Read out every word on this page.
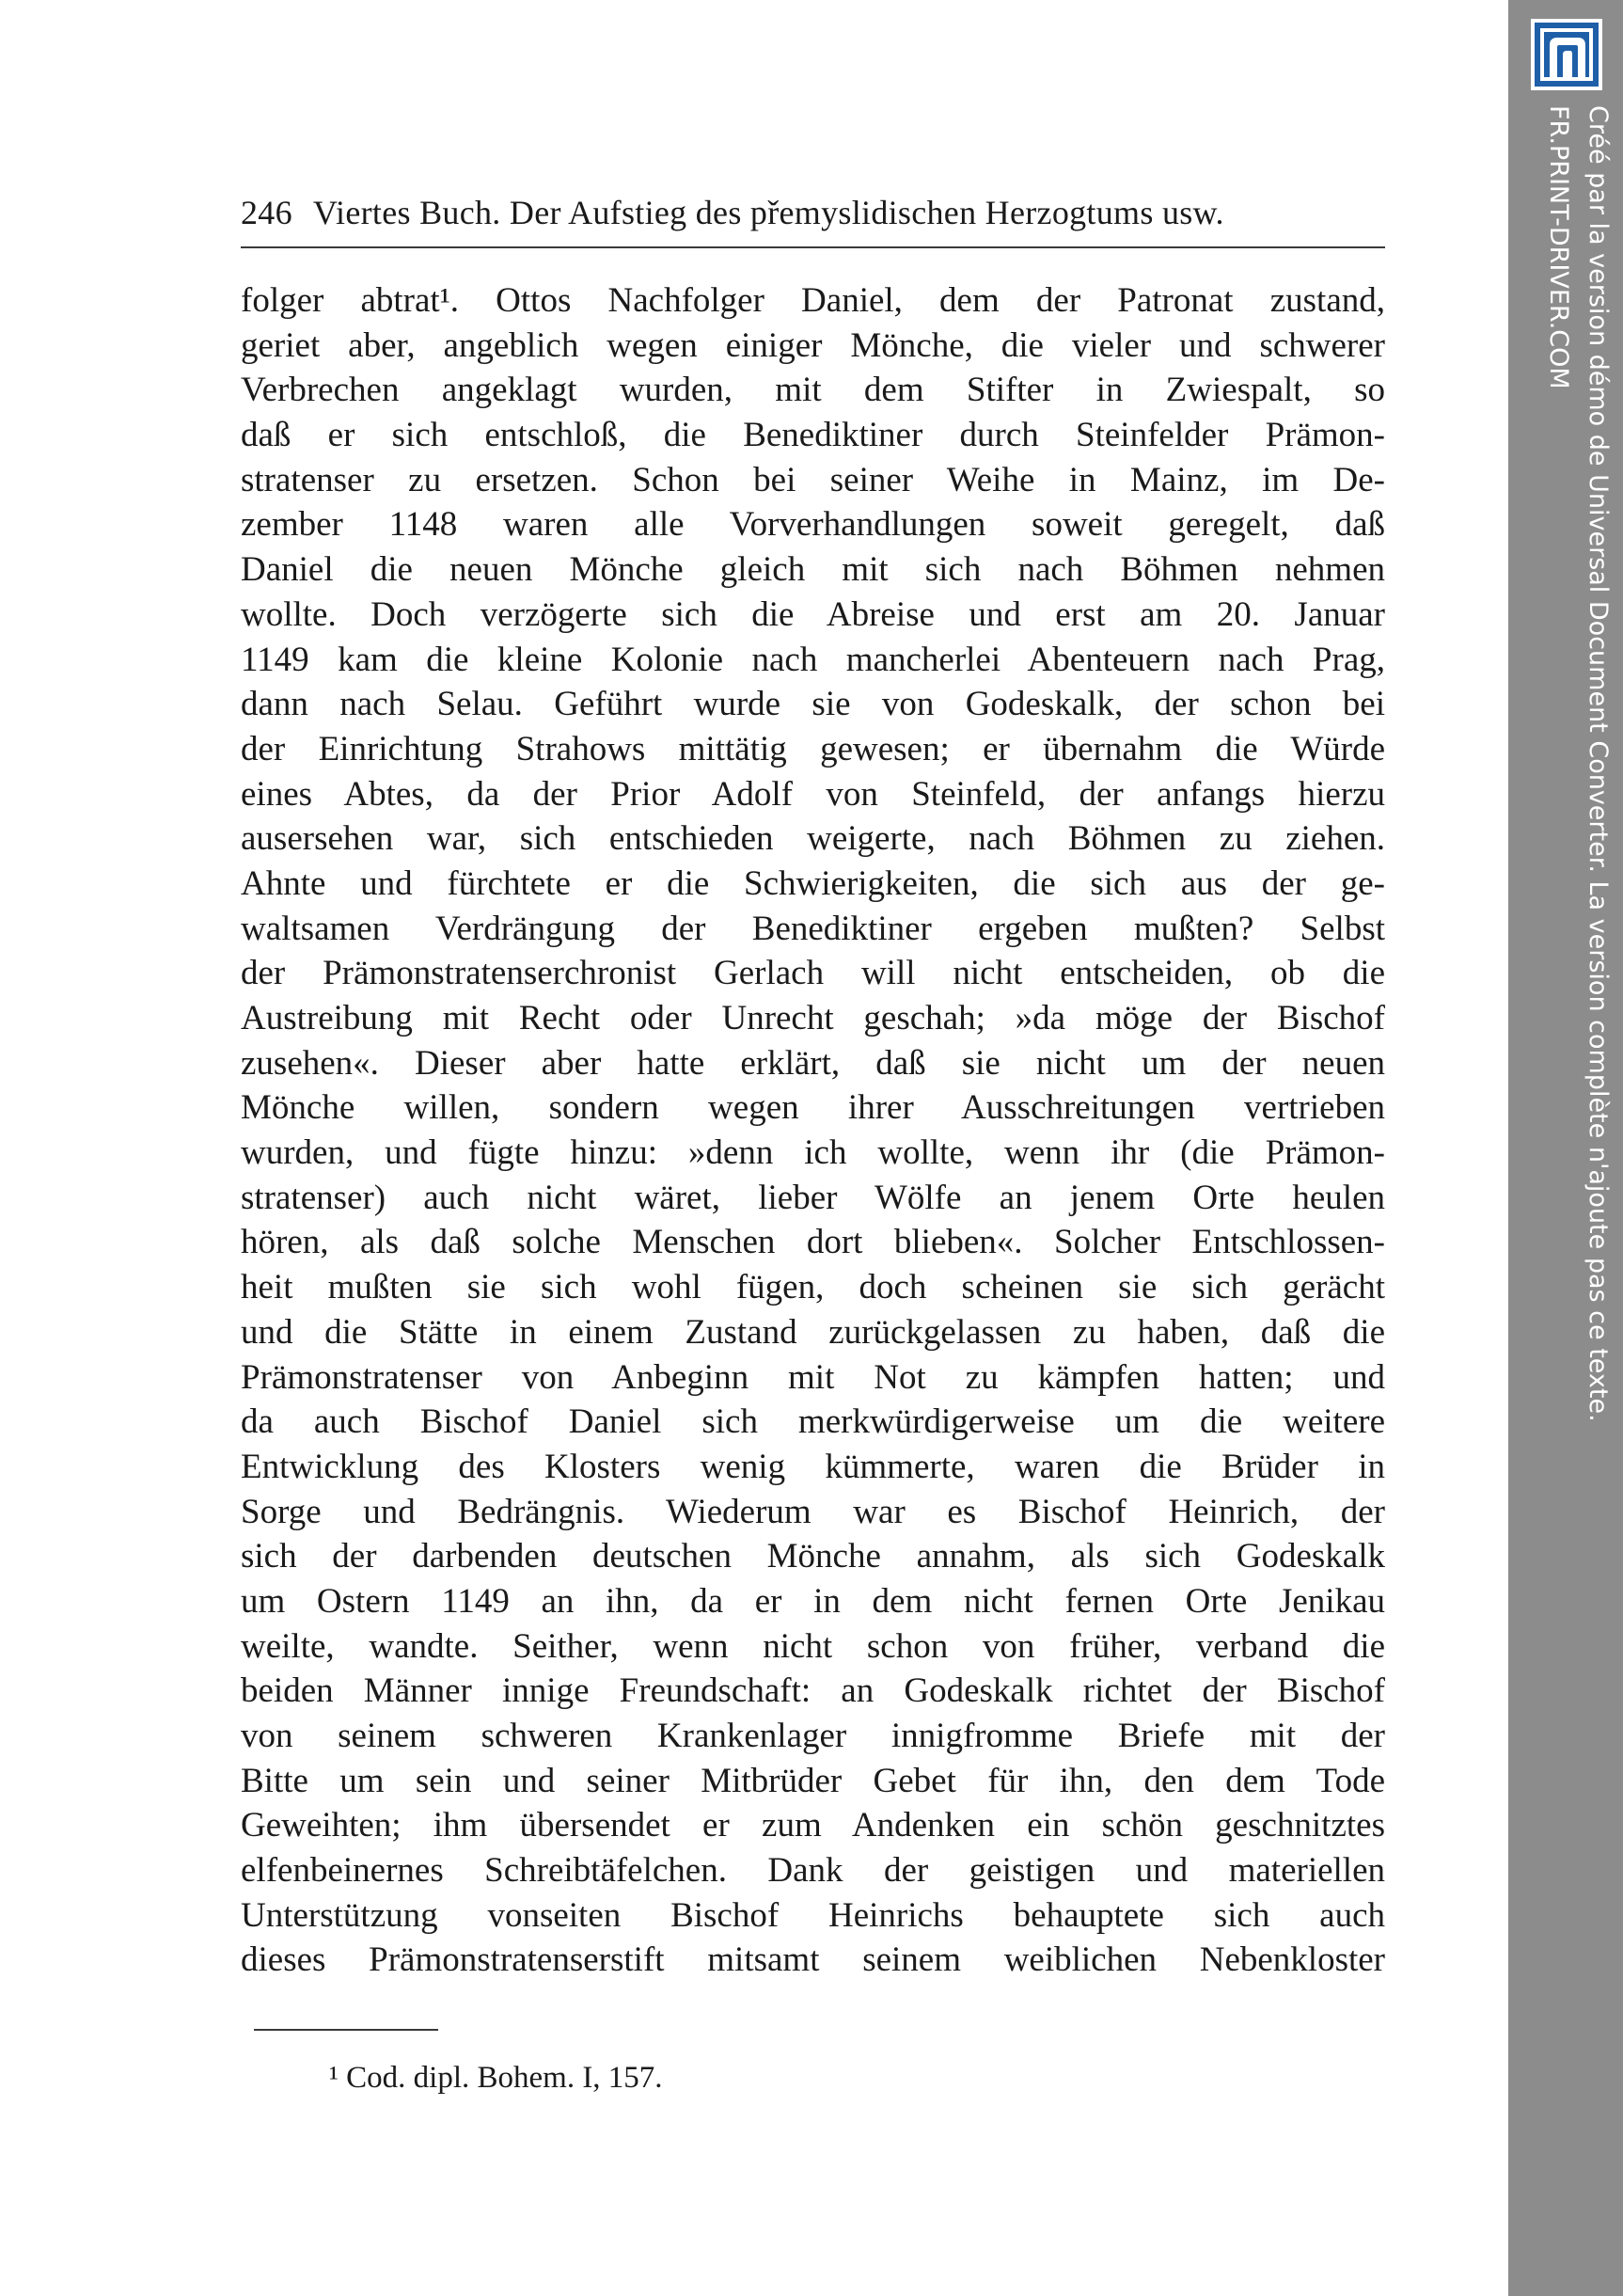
246 Viertes Buch. Der Aufstieg des přemyslidischen Herzogtums usw.
folger abtrat¹. Ottos Nachfolger Daniel, dem der Patronat zustand,
geriet aber, angeblich wegen einiger Mönche, die vieler und schwerer
Verbrechen angeklagt wurden, mit dem Stifter in Zwiespalt, so
daß er sich entschloß, die Benediktiner durch Steinfelder Prämon-
stratenser zu ersetzen. Schon bei seiner Weihe in Mainz, im De-
zember 1148 waren alle Vorverhandlungen soweit geregelt, daß
Daniel die neuen Mönche gleich mit sich nach Böhmen nehmen
wollte. Doch verzögerte sich die Abreise und erst am 20. Januar
1149 kam die kleine Kolonie nach mancherlei Abenteuern nach Prag,
dann nach Selau. Geführt wurde sie von Godeskalk, der schon bei
der Einrichtung Strahows mittätig gewesen; er übernahm die Würde
eines Abtes, da der Prior Adolf von Steinfeld, der anfangs hierzu
ausersehen war, sich entschieden weigerte, nach Böhmen zu ziehen.
Ahnte und fürchtete er die Schwierigkeiten, die sich aus der ge-
waltsamen Verdrängung der Benediktiner ergeben mußten? Selbst
der Prämonstratenserchronist Gerlach will nicht entscheiden, ob die
Austreibung mit Recht oder Unrecht geschah; »da möge der Bischof
zusehen«. Dieser aber hatte erklärt, daß sie nicht um der neuen
Mönche willen, sondern wegen ihrer Ausschreitungen vertrieben
wurden, und fügte hinzu: »denn ich wollte, wenn ihr (die Prämon-
stratenser) auch nicht wäret, lieber Wölfe an jenem Orte heulen
hören, als daß solche Menschen dort blieben«. Solcher Entschlossen-
heit mußten sie sich wohl fügen, doch scheinen sie sich gerächt
und die Stätte in einem Zustand zurückgelassen zu haben, daß die
Prämonstratenser von Anbeginn mit Not zu kämpfen hatten; und
da auch Bischof Daniel sich merkwürdigerweise um die weitere
Entwicklung des Klosters wenig kümmerte, waren die Brüder in
Sorge und Bedrängnis. Wiederum war es Bischof Heinrich, der
sich der darbenden deutschen Mönche annahm, als sich Godeskalk
um Ostern 1149 an ihn, da er in dem nicht fernen Orte Jenikau
weilte, wandte. Seither, wenn nicht schon von früher, verband die
beiden Männer innige Freundschaft: an Godeskalk richtet der Bischof
von seinem schweren Krankenlager innigfromme Briefe mit der
Bitte um sein und seiner Mitbrüder Gebet für ihn, den dem Tode
Geweihten; ihm übersendet er zum Andenken ein schön geschnitztes
elfenbeinernes Schreibtäfelchen. Dank der geistigen und materiellen
Unterstützung vonseiten Bischof Heinrichs behauptete sich auch
dieses Prämonstratenserstift mitsamt seinem weiblichen Nebenkloster
¹ Cod. dipl. Bohem. I, 157.
Créé par la version démo de Universal Document Converter. La version complète n'ajoute pas ce texte.
FR.PRINT-DRIVER.COM
